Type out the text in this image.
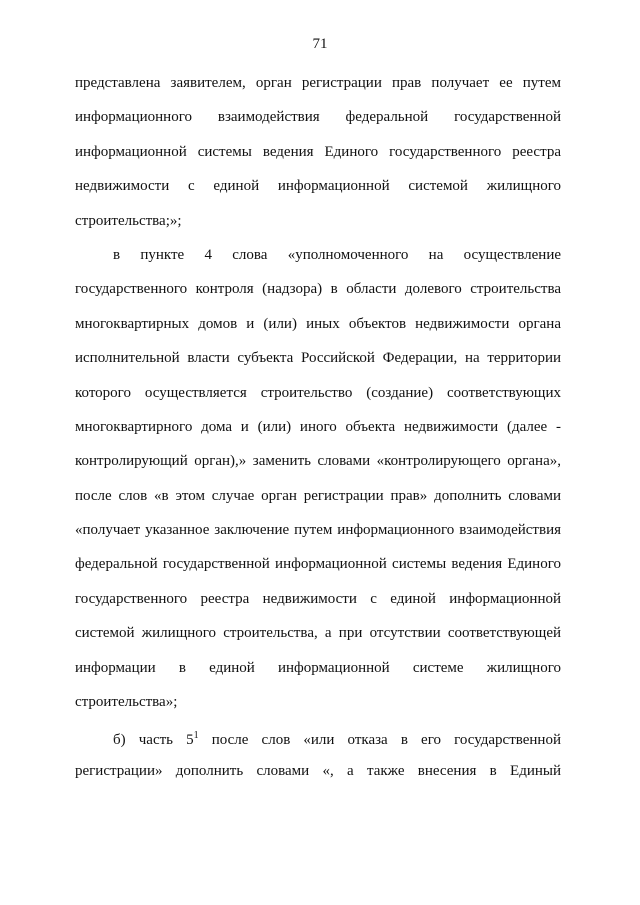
71
представлена заявителем, орган регистрации прав получает ее путем
информационного взаимодействия федеральной государственной
информационной системы ведения Единого государственного реестра
недвижимости с единой информационной системой жилищного
строительства;»;
в пункте 4 слова «уполномоченного на осуществление
государственного контроля (надзора) в области долевого строительства
многоквартирных домов и (или) иных объектов недвижимости органа
исполнительной власти субъекта Российской Федерации, на территории
которого осуществляется строительство (создание) соответствующих
многоквартирного дома и (или) иного объекта недвижимости (далее -
контролирующий орган),» заменить словами «контролирующего органа»,
после слов «в этом случае орган регистрации прав» дополнить словами
«получает указанное заключение путем информационного взаимодействия
федеральной государственной информационной системы ведения Единого
государственного реестра недвижимости с единой информационной
системой жилищного строительства, а при отсутствии соответствующей
информации в единой информационной системе жилищного
строительства»;
б) часть $5^1$ после слов «или отказа в его государственной
регистрации» дополнить словами «, а также внесения в Единый
